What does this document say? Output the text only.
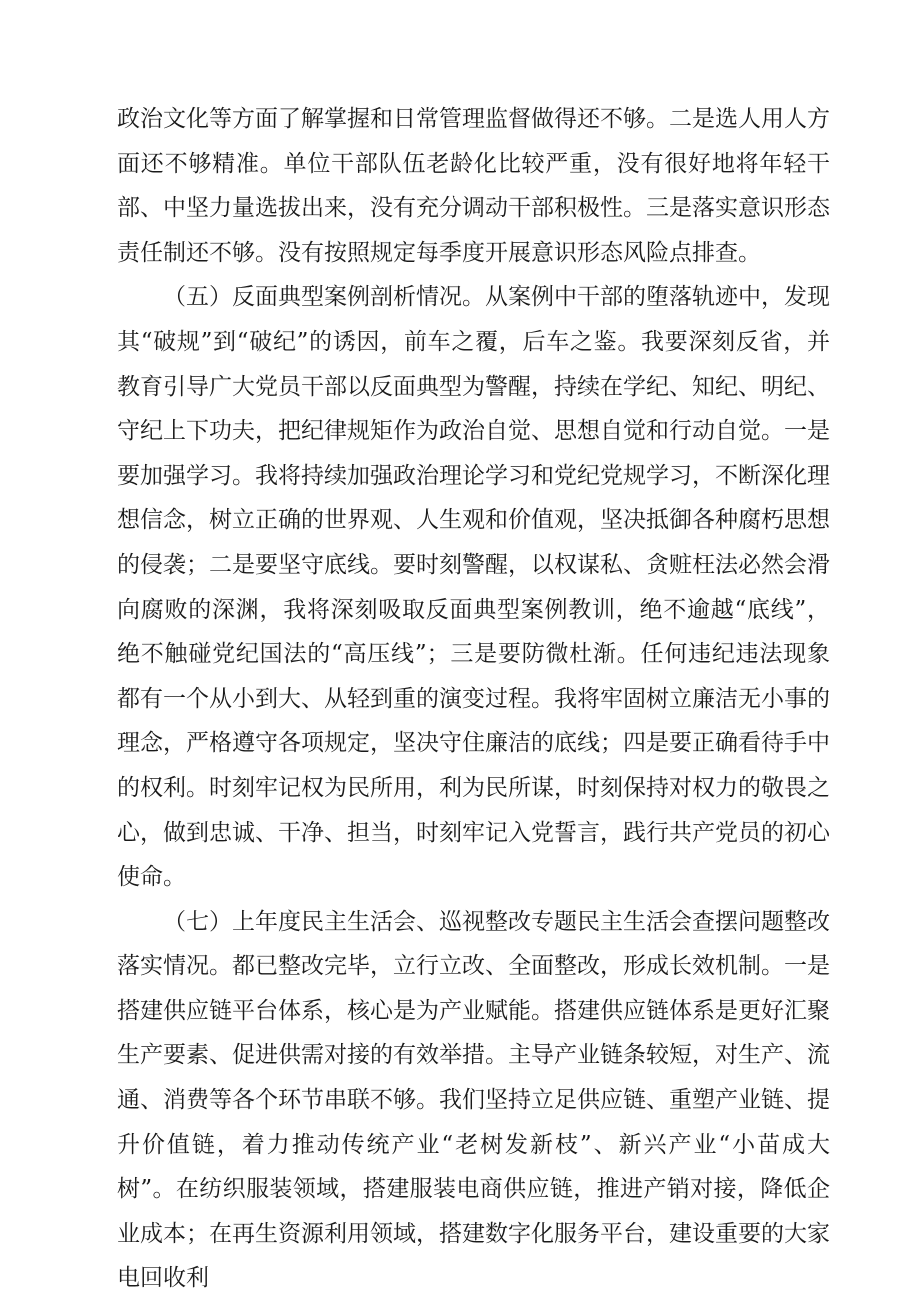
政治文化等方面了解掌握和日常管理监督做得还不够。二是选人用人方面还不够精准。单位干部队伍老龄化比较严重，没有很好地将年轻干部、中坚力量选拔出来，没有充分调动干部积极性。三是落实意识形态责任制还不够。没有按照规定每季度开展意识形态风险点排查。

（五）反面典型案例剖析情况。从案例中干部的堕落轨迹中，发现其“破规”到“破纪”的诱因，前车之覆，后车之鉴。我要深刻反省，并教育引导广大党员干部以反面典型为警醒，持续在学纪、知纪、明纪、守纪上下功夫，把纪律规矩作为政治自觉、思想自觉和行动自觉。一是要加强学习。我将持续加强政治理论学习和党纪党规学习，不断深化理想信念，树立正确的世界观、人生观和价值观，坚决抵御各种腐朽思想的侵袭；二是要坚守底线。要时刻警醒，以权谋私、贪赃枉法必然会滑向腐败的深渊，我将深刻吸取反面典型案例教训，绝不逾越“底线”，绝不触碰党纪国法的“高压线”；三是要防微杜渐。任何违纪违法现象都有一个从小到大、从轻到重的演变过程。我将牢固树立廉洁无小事的理念，严格遵守各项规定，坚决守住廉洁的底线；四是要正确看待手中的权利。时刻牢记权为民所用，利为民所谋，时刻保持对权力的敬畏之心，做到忠诚、干净、担当，时刻牢记入党誓言，践行共产党员的初心使命。

（七）上年度民主生活会、巡视整改专题民主生活会查摆问题整改落实情况。都已整改完毕，立行立改、全面整改，形成长效机制。一是搭建供应链平台体系，核心是为产业赋能。搭建供应链体系是更好汇聚生产要素、促进供需对接的有效举措。主导产业链条较短，对生产、流通、消费等各个环节串联不够。我们坚持立足供应链、重塑产业链、提升价值链，着力推动传统产业“老树发新枝”、新兴产业“小苗成大树”。在纺织服装领域，搭建服装电商供应链，推进产销对接，降低企业成本；在再生资源利用领域，搭建数字化服务平台，建设重要的大家电回收利
